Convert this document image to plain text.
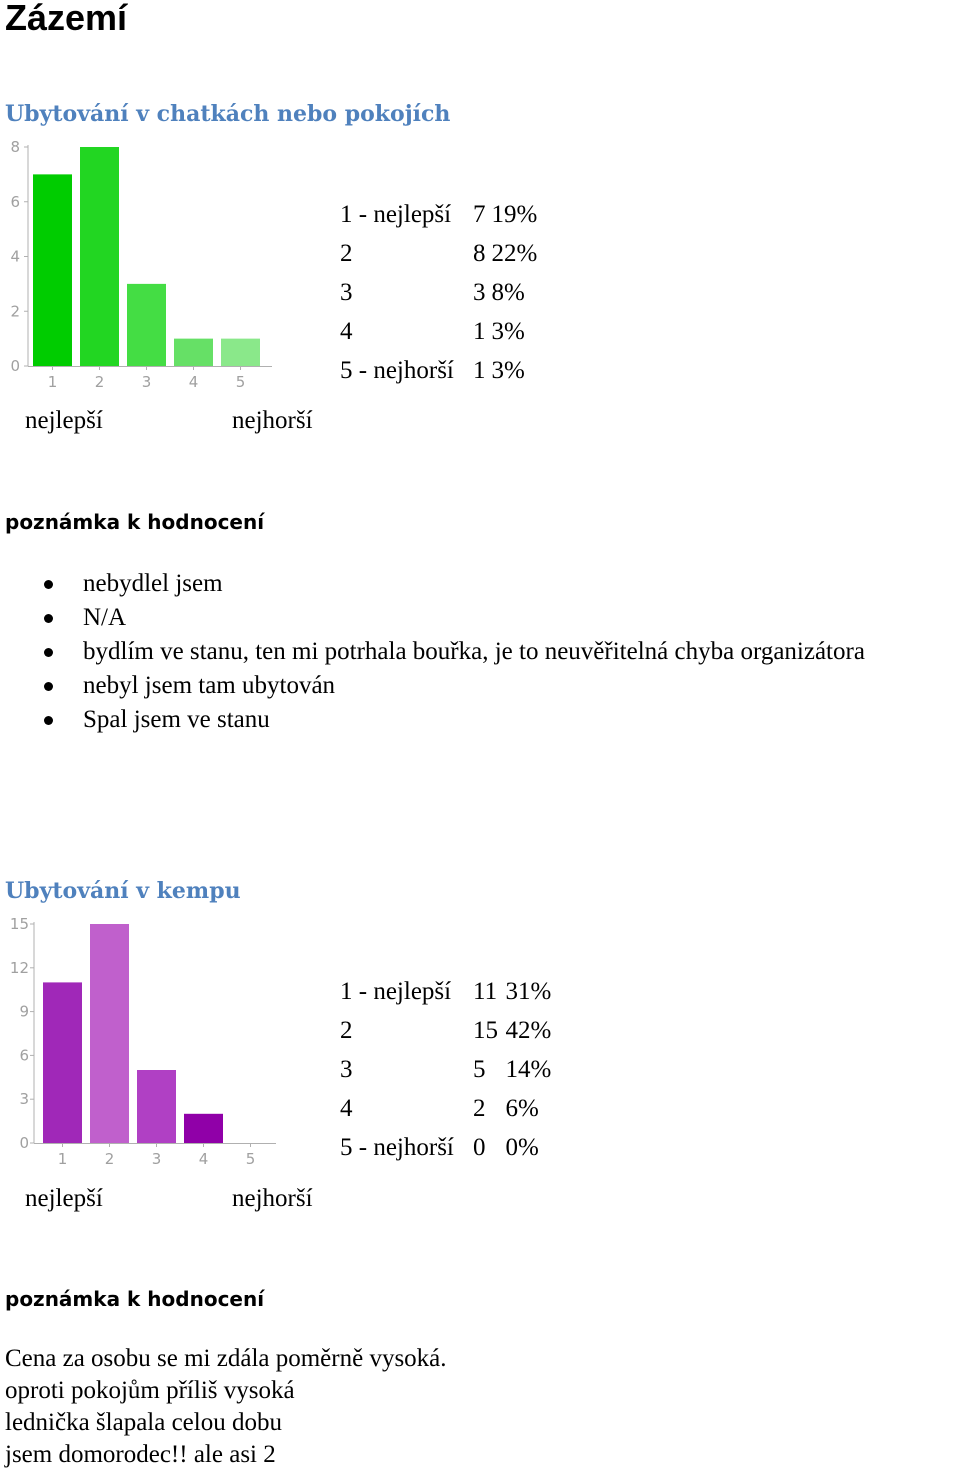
Zázemí
Ubytování v chatkách nebo pokojích
0
2
4
6
8
1 2 3 4 5
1 - nejlepší	7	19%
2	8	22%
3	3	8%
4	1	3%
5 - nejhorší	1	3%
nejlepší	nejhorší
poznámka k hodnocení
nebydlel jsem
N/A
bydlím ve stanu, ten mi potrhala bouřka, je to neuvěřitelná chyba organizátora
nebyl jsem tam ubytován
Spal jsem ve stanu
Ubytování v kempu
0
3
6
9
12
15
1 2 3 4 5
1 - nejlepší	11	31%
2	15	42%
3	5	14%
4	2	6%
5 - nejhorší	0	0%
nejlepší	nejhorší
poznámka k hodnocení
Cena za osobu se mi zdála poměrně vysoká.
oproti pokojům příliš vysoká
lednička šlapala celou dobu
jsem domorodec!! ale asi 2
